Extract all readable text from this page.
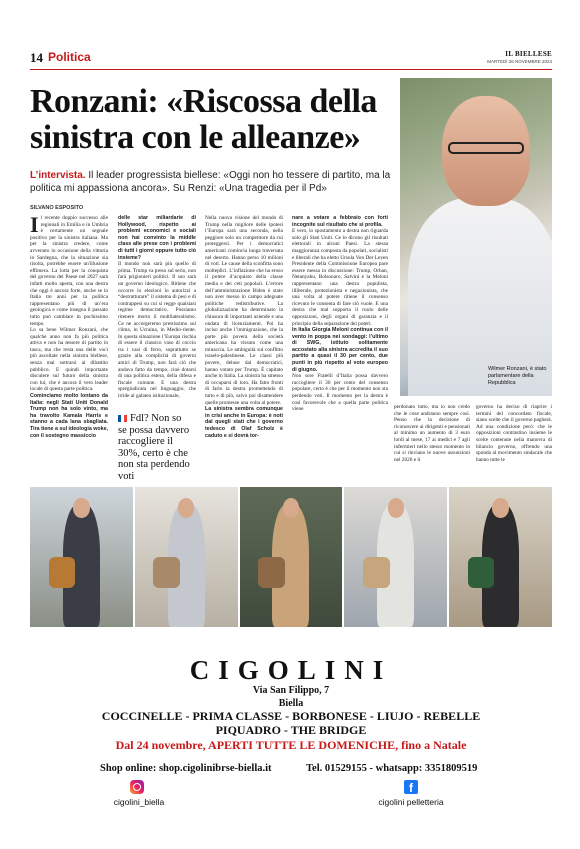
14 Politica	IL BIELLESE
MARTEDÌ 26 NOVEMBRE 2024
Ronzani: «Riscossa della sinistra con le alleanze»
Wilmer Ronzani, è stato parlamentare della Repubblica
L’intervista. Il leader progressista biellese: «Oggi non ho tessere di partito, ma la politica mi appassiona ancora». Su Renzi: «Una tragedia per il Pd»
SILVANO ESPOSITO
Il recente doppio successo alle regionali in Emilia e in Umbria è certamente un segnale positivo per la sinistra italiana. Ma per la sinistra credere, come avvenuto in occasione della vittoria in Sardegna, che la situazione sia risolta, potrebbe essere un'illusione effimera. La lotta per la conquista del governo del Paese nel 2027 sarà infatti molto aperta, con una destra che oggi è ancora forte, anche se in Italia tre anni per la politica rappresentano più di un’era geologica e come insegna il passato tutto può cambiare in pochissimo tempo.
Lo sa bene Wilmer Ronzani, che qualche anno non fa più politica attiva e non ha tessere di partito in tasca, ma che resta una delle voci più ascoltate nella sinistra biellese, senza mai sottrarsi al dibattito pubblico. E quindi importante discutere sul futuro della sinistra con lui, che è ancora il vero leader locale di questa parte politica.
Cominciamo molto lontano da Italia: negli Stati Uniti Donald Trump non ha solo vinto, ma ha travolto Kamala Harris e stanno a cada lana sbagliata. Tira tiene a sul ideologia woke, con il sostegno massiccio
delle star miliardarie di Hollywood, rispetto ai problemi economici e sociali non hai convinto la middle class alle prese con i problemi di tutti i giorni oppure tutto ciò insieme?
Il mondo non sarà più quello di prima. Trump va preso sul serio, non farà prigionieri politici. Il suo sarà un governo ideologico. Ritiene che occorre lo elezioni lo autorizzi a “destrutturare” il sistema di pesi e di contrappesi su cui si regge qualsiasi regime democratico. Possiamo ritenere morto il multilateralismo. Ce ne accorgeremo prestissimo sul clima, in Ucraina, in Medio-riente. In questa situazione l’Europa rischia di essere il classico vaso di coccio tra i vasi di ferro, soprattutto se grazie alla complicità di governi amici di Trump, non farà ciò che andava fatto da tempo, cioè dotarsi di una politica estera, della difesa e fiscale comune. E una destra spregiudicata nel linguaggio, che irride al galateo istituzionale,
Nella nuova visione del mondo di Trump nella migliore delle ipotesi l’Europa sarà una seconda, nella peggiore solo un competitore da cui proteggersi. Per i democratici americani comincia lunga traversata nel deserto. Hanno perso 10 milioni di voti. Le cause della sconfitta sono molteplici. L’inflazione che ha eroso il potere d’acquisto della classe media e dei ceti popolari. L’errore dell’amministrazione Biden è stato non aver messo in campo adeguate politiche redistributive. La globalizzazione ha determinato la chiusura di importanti aziende e una ondata di licenziamenti. Poi ha inciso anche l’immigrazione, che la parte più povera della società americana ha vissuto come una minaccia. Le ambiguità sul conflitto israelo-palestinese. Le classi più povere, deluse dai democratici, hanno votato per Trump. È capitato anche in Italia. La sinistra ha smesso di occuparsi di loro. Ha fatto fronti di farlo la destra promettendo di tutto e di più, salvo poi disattendere quelle promesse una volta al potere.
La sinistra sembra comunque in crisi anche in Europa: è noti dal quegli stati che i governo tedesco di Olaf Scholz è caduto e si dovrà tor-
nare a votare a febbraio con forti incognite sul risultato che si profila.
E vero, lo spostamento a destra non riguarda solo gli Stati Uniti. Ce lo dicono gli risultati elettorali in alcuni Paesi. La stessa maggioranza composta da popolari, socialisti e liberali che ha eletto Ursula Von Der Leyen Presidente della Commissione Europea pare essere messa in discussione: Trump, Orban, Netanyahu, Bolsonaro, Salvini e la Meloni rappresentano una destra populista, illiberale, protezionista e negazionista, che una volta al potere ritiene il consenso ricevuto le consenta di fare ciò vuole. E una destra che mal sopporta il ruolo delle opposizioni, degli organi di garanzia e il principio della separazione dei poteri.
In Italia Giorgia Meloni continua con il vento in poppa nei sondaggi: l’ultimo di SWG, istituto solitamente accostato alla sinistra accredita il suo partito a quasi il 30 per cento, due punti in più rispetto al voto europeo di giugno.
Non sore Fratelli d’Italia possa davvero raccogliere il 30 per cento del consenso popolare, certo è che per il momento non sta perdendo voti. Il momento per la destra è così favorevole che a quella parte politica viene	perdonato tutto, ma io non credo che le cose andranno sempre così. Penso che la decisione di riconoscere ai dirigenti e pensionati al minimo un aumento di 3 euro lordi al mese, 17 ai medici e 7 agli infermieri nello stesso momento in cui si rinviano le nuove assunzioni nel 2026 e il
governo ha deciso di riaprire i termini del concordato fiscale, siano scelte che il governo pagherà. Ad una condizione però: che le opposizioni contrastino insieme le scelte contenute nella manovra di bilancio governo, offrendo una sponda al movimento sindacale che hanno tutte le
Fdl? Non so se possa davvero raccogliere il 30%, certo è che non sta perdendo voti
CIGOLINI
Via San Filippo, 7
Biella
COCCINELLE - PRIMA CLASSE - BORBONESE - LIUJO - REBELLE
PIQUADRO - THE BRIDGE
Dal 24 novembre, APERTI TUTTE LE DOMENICHE, fino a Natale
Shop online: shop.cigolinibrse-biella.it	Tel. 01529155 - whatsapp: 3351809519
f
cigolini_biella	cigolini pelletteria
